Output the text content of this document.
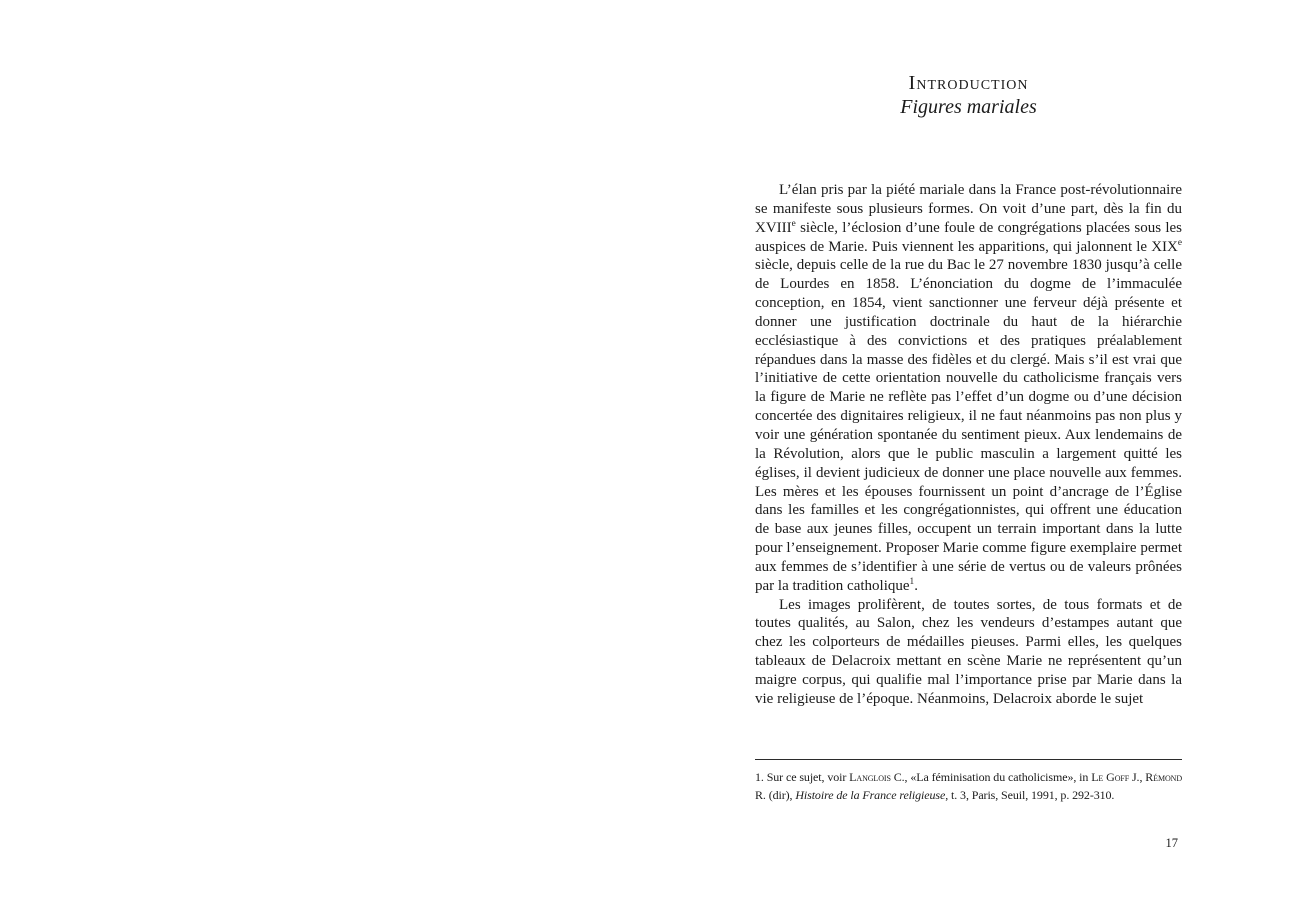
Introduction
Figures mariales

L’élan pris par la piété mariale dans la France post-révolutionnaire se manifeste sous plusieurs formes. On voit d’une part, dès la fin du XVIIIe siècle, l’éclosion d’une foule de congrégations placées sous les auspices de Marie. Puis viennent les apparitions, qui jalonnent le XIXe siècle, depuis celle de la rue du Bac le 27 novembre 1830 jusqu’à celle de Lourdes en 1858. L’énonciation du dogme de l’immaculée conception, en 1854, vient sanctionner une ferveur déjà présente et donner une justification doctrinale du haut de la hiérarchie ecclésiastique à des convictions et des pratiques préalablement répandues dans la masse des fidèles et du clergé. Mais s’il est vrai que l’initiative de cette orientation nouvelle du catholicisme français vers la figure de Marie ne reflète pas l’effet d’un dogme ou d’une décision concertée des dignitaires religieux, il ne faut néanmoins pas non plus y voir une génération spontanée du sentiment pieux. Aux lendemains de la Révolution, alors que le public masculin a largement quitté les églises, il devient judicieux de donner une place nouvelle aux femmes. Les mères et les épouses fournissent un point d’ancrage de l’Église dans les familles et les congrégationnistes, qui offrent une éducation de base aux jeunes filles, occupent un terrain important dans la lutte pour l’enseignement. Proposer Marie comme figure exemplaire permet aux femmes de s’identifier à une série de vertus ou de valeurs prônées par la tradition catholique$^1$.

Les images prolifèrent, de toutes sortes, de tous formats et de toutes qualités, au Salon, chez les vendeurs d’estampes autant que chez les colporteurs de médailles pieuses. Parmi elles, les quelques tableaux de Delacroix mettant en scène Marie ne représentent qu’un maigre corpus, qui qualifie mal l’importance prise par Marie dans la vie religieuse de l’époque. Néanmoins, Delacroix aborde le sujet

1. Sur ce sujet, voir Langlois C., «La féminisation du catholicisme», in Le Goff J., Rémond R. (dir), Histoire de la France religieuse, t. 3, Paris, Seuil, 1991, p. 292-310.

17
